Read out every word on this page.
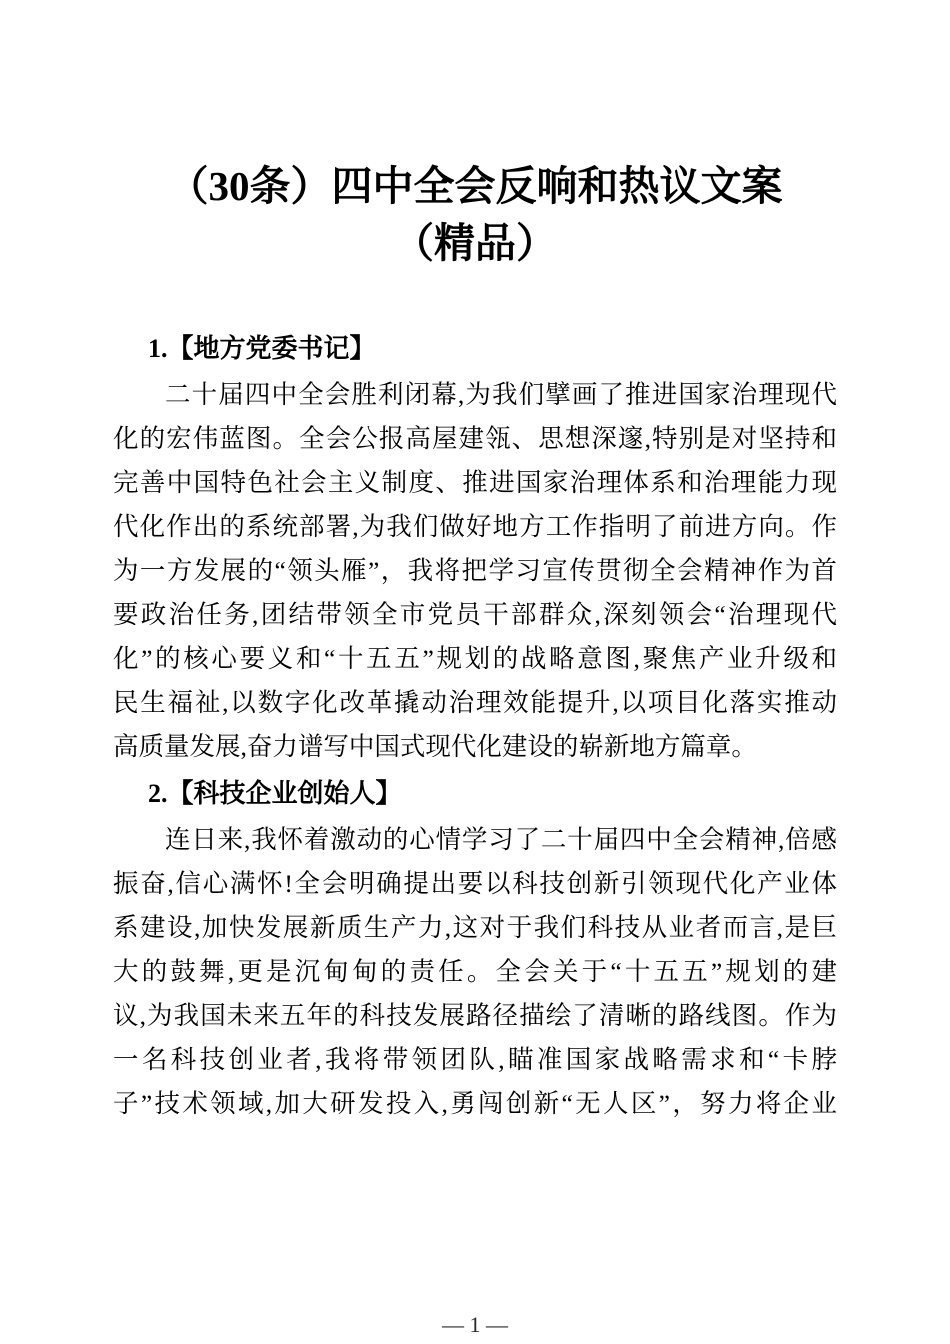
（30条）四中全会反响和热议文案
（精品）
1.【地方党委书记】
二十届四中全会胜利闭幕,为我们擘画了推进国家治理现代
化的宏伟蓝图。全会公报高屋建瓴、思想深邃,特别是对坚持和
完善中国特色社会主义制度、推进国家治理体系和治理能力现
代化作出的系统部署,为我们做好地方工作指明了前进方向。作
为一方发展的“领头雁”，我将把学习宣传贯彻全会精神作为首
要政治任务,团结带领全市党员干部群众,深刻领会“治理现代
化”的核心要义和“十五五”规划的战略意图,聚焦产业升级和
民生福祉,以数字化改革撬动治理效能提升,以项目化落实推动
高质量发展,奋力谱写中国式现代化建设的崭新地方篇章。
2.【科技企业创始人】
连日来,我怀着激动的心情学习了二十届四中全会精神,倍感
振奋,信心满怀!全会明确提出要以科技创新引领现代化产业体
系建设,加快发展新质生产力,这对于我们科技从业者而言,是巨
大的鼓舞,更是沉甸甸的责任。全会关于“十五五”规划的建
议,为我国未来五年的科技发展路径描绘了清晰的路线图。作为
一名科技创业者,我将带领团队,瞄准国家战略需求和“卡脖
子”技术领域,加大研发投入,勇闯创新“无人区”，努力将企业
— 1 —
